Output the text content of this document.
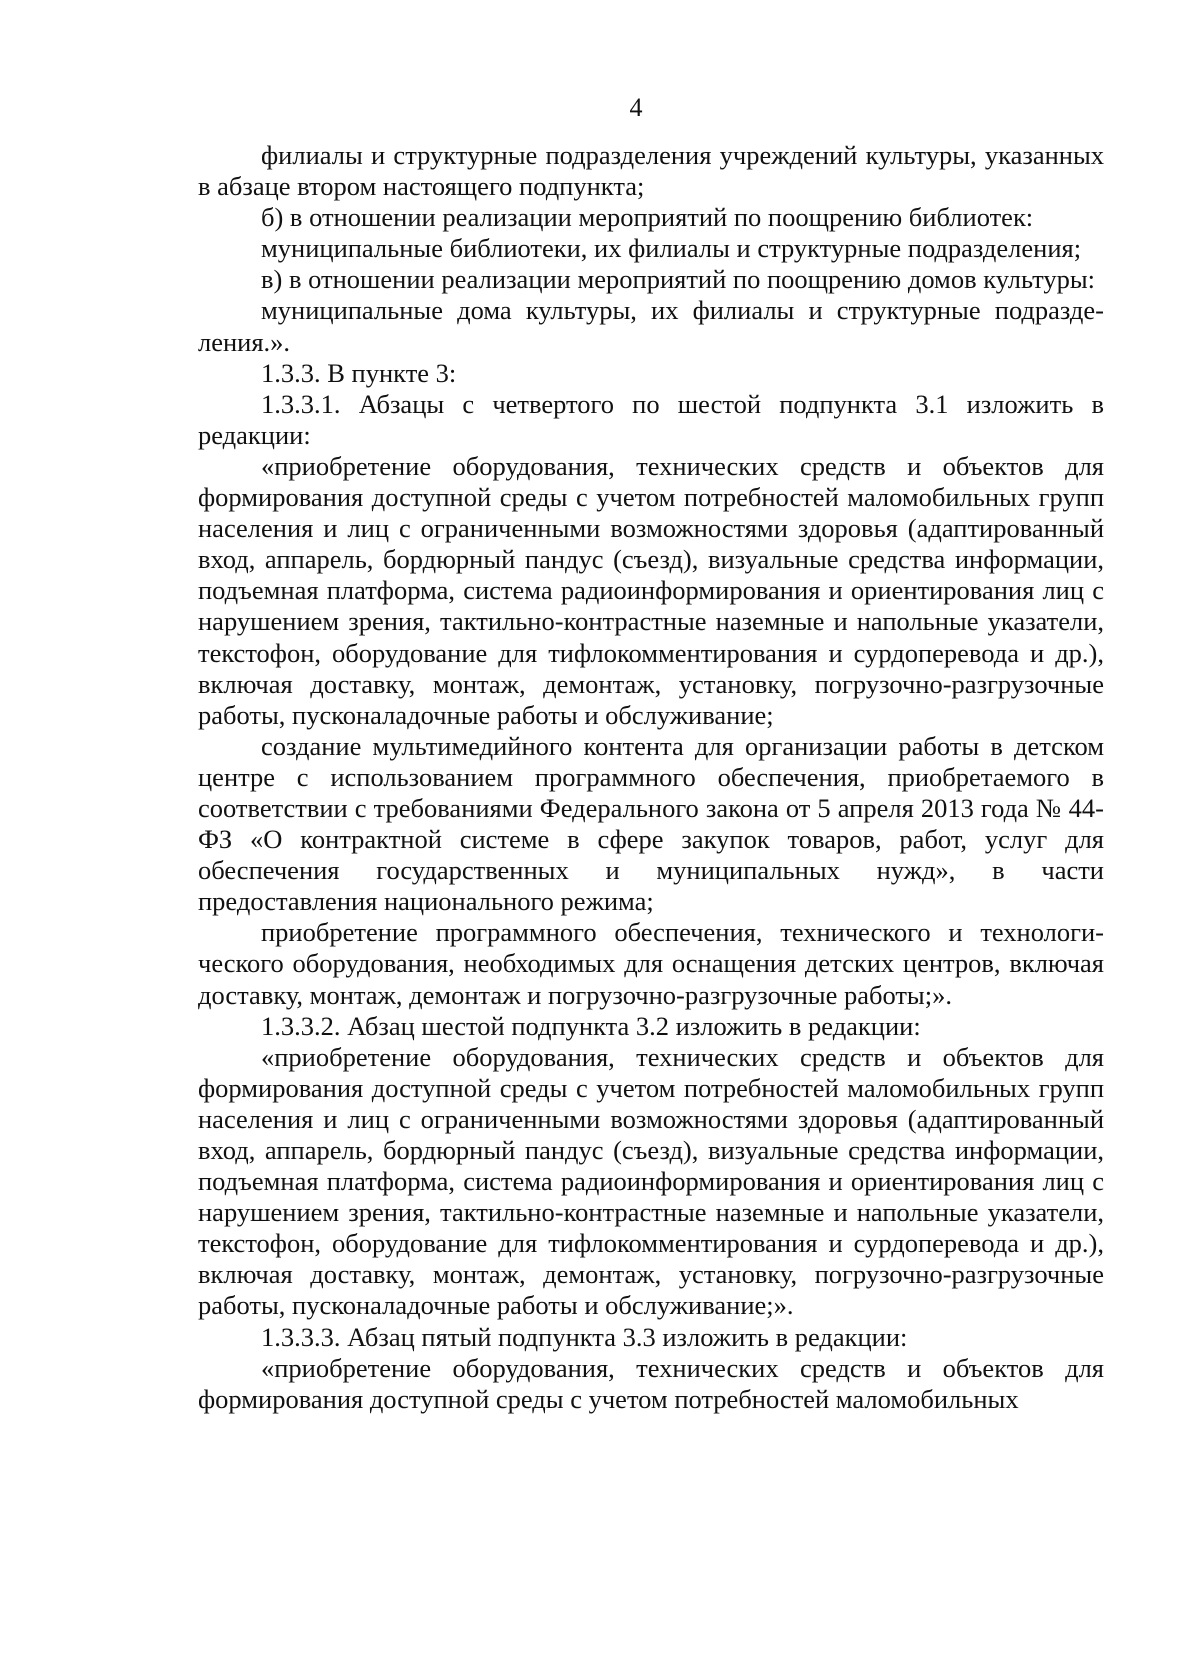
4

филиалы и структурные подразделения учреждений культуры, указанных в абзаце втором настоящего подпункта;

б) в отношении реализации мероприятий по поощрению библиотек:

муниципальные библиотеки, их филиалы и структурные подразделения;

в) в отношении реализации мероприятий по поощрению домов культуры:

муниципальные дома культуры, их филиалы и структурные подразделения.».

1.3.3. В пункте 3:

1.3.3.1. Абзацы с четвертого по шестой подпункта 3.1 изложить в редакции:

«приобретение оборудования, технических средств и объектов для формирования доступной среды с учетом потребностей маломобильных групп населения и лиц с ограниченными возможностями здоровья (адаптированный вход, аппарель, бордюрный пандус (съезд), визуальные средства информации, подъемная платформа, система радиоинформирования и ориентирования лиц с нарушением зрения, тактильно-контрастные наземные и напольные указатели, текстофон, оборудование для тифлокомментирования и сурдоперевода и др.), включая доставку, монтаж, демонтаж, установку, погрузочно-разгрузочные работы, пусконаладочные работы и обслуживание;

создание мультимедийного контента для организации работы в детском центре с использованием программного обеспечения, приобретаемого в соответствии с требованиями Федерального закона от 5 апреля 2013 года № 44-ФЗ «О контрактной системе в сфере закупок товаров, работ, услуг для обеспечения государственных и муниципальных нужд», в части предоставления национального режима;

приобретение программного обеспечения, технического и технологического оборудования, необходимых для оснащения детских центров, включая доставку, монтаж, демонтаж и погрузочно-разгрузочные работы;».

1.3.3.2. Абзац шестой подпункта 3.2 изложить в редакции:

«приобретение оборудования, технических средств и объектов для формирования доступной среды с учетом потребностей маломобильных групп населения и лиц с ограниченными возможностями здоровья (адаптированный вход, аппарель, бордюрный пандус (съезд), визуальные средства информации, подъемная платформа, система радиоинформирования и ориентирования лиц с нарушением зрения, тактильно-контрастные наземные и напольные указатели, текстофон, оборудование для тифлокомментирования и сурдоперевода и др.), включая доставку, монтаж, демонтаж, установку, погрузочно-разгрузочные работы, пусконаладочные работы и обслуживание;».

1.3.3.3. Абзац пятый подпункта 3.3 изложить в редакции:

«приобретение оборудования, технических средств и объектов для формирования доступной среды с учетом потребностей маломобильных
